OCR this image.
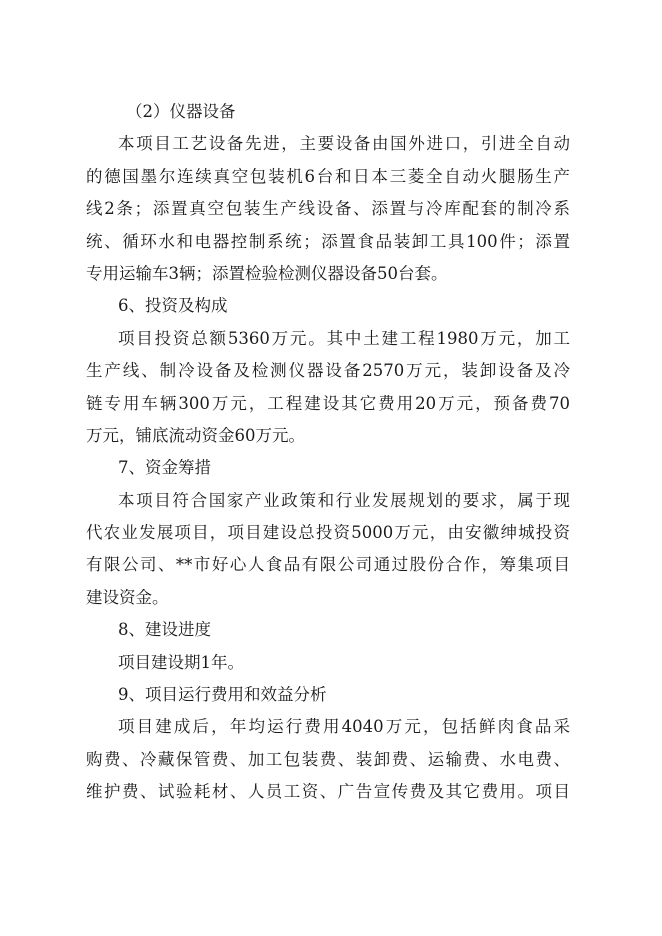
（2）仪器设备
本项目工艺设备先进，主要设备由国外进口，引进全自动
的德国墨尔连续真空包装机6台和日本三菱全自动火腿肠生产
线2条；添置真空包装生产线设备、添置与冷库配套的制冷系
统、循环水和电器控制系统；添置食品装卸工具100件；添置
专用运输车3辆；添置检验检测仪器设备50台套。
6、投资及构成
项目投资总额5360万元。其中土建工程1980万元，加工
生产线、制冷设备及检测仪器设备2570万元，装卸设备及冷
链专用车辆300万元，工程建设其它费用20万元，预备费70
万元，铺底流动资金60万元。
7、资金筹措
本项目符合国家产业政策和行业发展规划的要求，属于现
代农业发展项目，项目建设总投资5000万元，由安徽绅城投资
有限公司、**市好心人食品有限公司通过股份合作，筹集项目
建设资金。
8、建设进度
项目建设期1年。
9、项目运行费用和效益分析
项目建成后，年均运行费用4040万元，包括鲜肉食品采
购费、冷藏保管费、加工包装费、装卸费、运输费、水电费、
维护费、试验耗材、人员工资、广告宣传费及其它费用。项目
